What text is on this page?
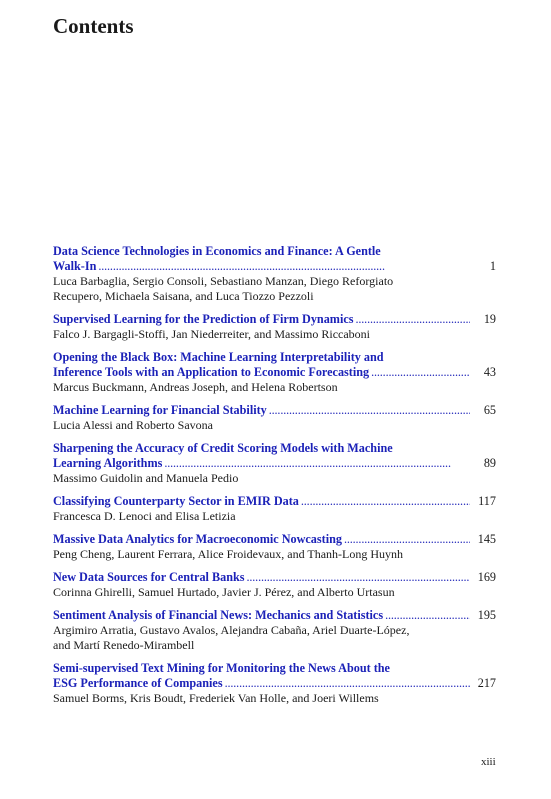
Contents
Data Science Technologies in Economics and Finance: A Gentle
Walk-In . . .	1
Luca Barbaglia, Sergio Consoli, Sebastiano Manzan, Diego Reforgiato
Recupero, Michaela Saisana, and Luca Tiozzo Pezzoli
Supervised Learning for the Prediction of Firm Dynamics . . .	19
Falco J. Bargagli-Stoffi, Jan Niederreiter, and Massimo Riccaboni
Opening the Black Box: Machine Learning Interpretability and
Inference Tools with an Application to Economic Forecasting . . .	43
Marcus Buckmann, Andreas Joseph, and Helena Robertson
Machine Learning for Financial Stability . . .	65
Lucia Alessi and Roberto Savona
Sharpening the Accuracy of Credit Scoring Models with Machine
Learning Algorithms . . .	89
Massimo Guidolin and Manuela Pedio
Classifying Counterparty Sector in EMIR Data . . .	117
Francesca D. Lenoci and Elisa Letizia
Massive Data Analytics for Macroeconomic Nowcasting . . .	145
Peng Cheng, Laurent Ferrara, Alice Froidevaux, and Thanh-Long Huynh
New Data Sources for Central Banks . . .	169
Corinna Ghirelli, Samuel Hurtado, Javier J. Pérez, and Alberto Urtasun
Sentiment Analysis of Financial News: Mechanics and Statistics . . .	195
Argimiro Arratia, Gustavo Avalos, Alejandra Cabaña, Ariel Duarte-López,
and Martí Renedo-Mirambell
Semi-supervised Text Mining for Monitoring the News About the
ESG Performance of Companies . . .	217
Samuel Borms, Kris Boudt, Frederiek Van Holle, and Joeri Willems
xiii
